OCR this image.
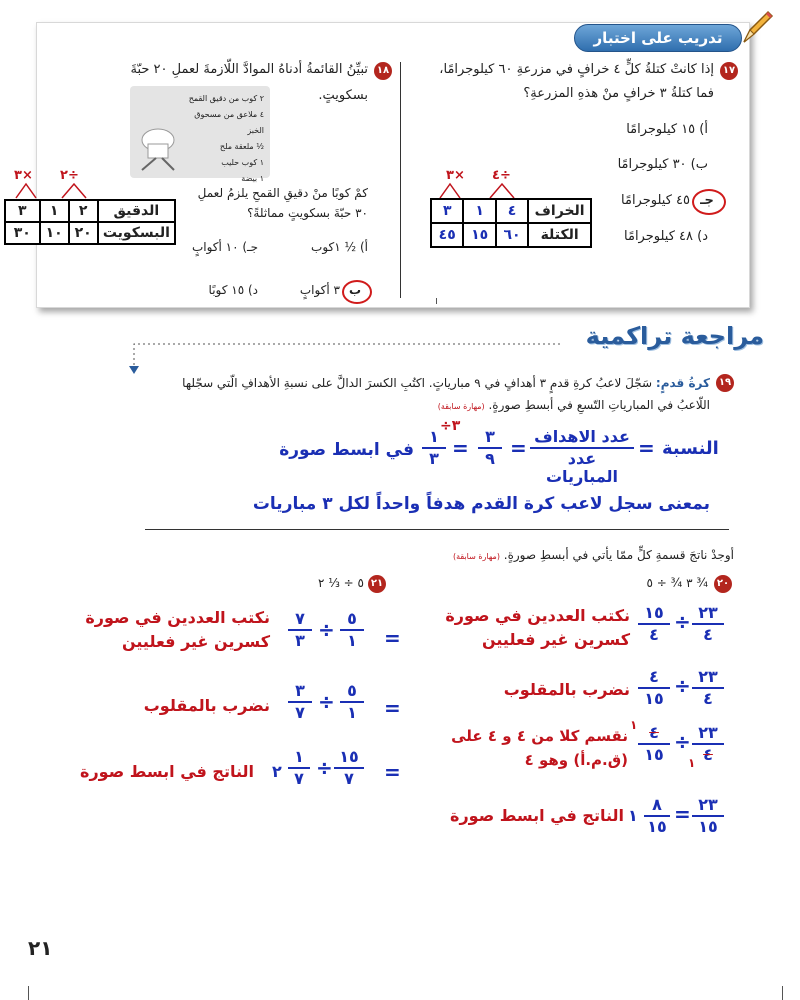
تدريب على اختبار
١٧
إذا كانتْ كتلةُ كلٍّ ٤ خرافٍ في مزرعةِ ٦٠ كيلوجرامًا،
فما كتلةُ ٣ خرافٍ منْ هذهِ المزرعةِ؟
أ) ١٥ كيلوجرامًا
ب) ٣٠ كيلوجرامًا
٤٥ كيلوجرامًا جـ
د) ٤٨ كيلوجرامًا
٣× ٤÷
٣	١	٤	الخراف
٤٥	١٥	٦٠	الكتلة
١٨
تبيِّنُ القائمةُ أدناهُ الموادَّ اللّازمةَ لعملِ ٢٠ حبّةَ
بسكويتٍ.
٢ كوب من دقيق القمح
٤ ملاعق من مسحوق الخبز
½ ملعقة ملح
١ كوب حليب
١ بيضة
كمْ كوبًا منْ دقيقِ القمحِ يلزمُ لعملِ
٣٠ حبّةَ بسكويتٍ مماثلةً؟
أ) ½ ١كوب
جـ) ١٠ أكوابٍ
ب
٣ أكوابٍ
د) ١٥ كوبًا
٣× ٢÷
٣	١	٢	الدقيق
٣٠	١٠	٢٠	البسكويت
مراجعة تراكمية
١٩
كرةُ قدمٍ: سَجّلَ لاعبُ كرةِ قدمٍ ٣ أهدافٍ في ٩ مبارياتٍ. اكتُبِ الكسرَ الدالَّ على نسبةِ الأهدافِ الّتي سجّلها
اللّاعبُ في المبارياتِ التّسعِ في أبسطِ صورةٍ. (مهارة سابقة)
النسبة
=
عدد الاهداف
عدد المباريات
=
٣
٩
÷٣
=
١
٣
في ابسط صورة
بمعنى سجل لاعب كرة القدم هدفاً واحداً لكل ٣ مباريات
أوجدْ ناتجَ قسمةِ كلٍّ ممّا يأتي في أبسطِ صورةٍ. (مهارة سابقة)
٢٠
٣ ¾ ÷ ٥ ¾
٢١
٥ ÷ ⅓ ٢
٢٣
٤
÷
١٥
٤
نكتب العددين في صورة
كسرين غير فعليين
٢٣
٤
÷
٤
١٥
نضرب بالمقلوب
٢٣
٤
١
÷
٤
١٥
١
نقسم كلا من ٤ و ٤ على
(ق.م.أ) وهو ٤
٢٣
١٥
=
٨
١٥
١
الناتج في ابسط صورة
=
٥
١
÷
٧
٣
نكتب العددين في صورة
كسرين غير فعليين
=
٥
١
÷
٣
٧
نضرب بالمقلوب
=
١٥
٧
÷
١
٧
٢
الناتج في ابسط صورة
٢١
